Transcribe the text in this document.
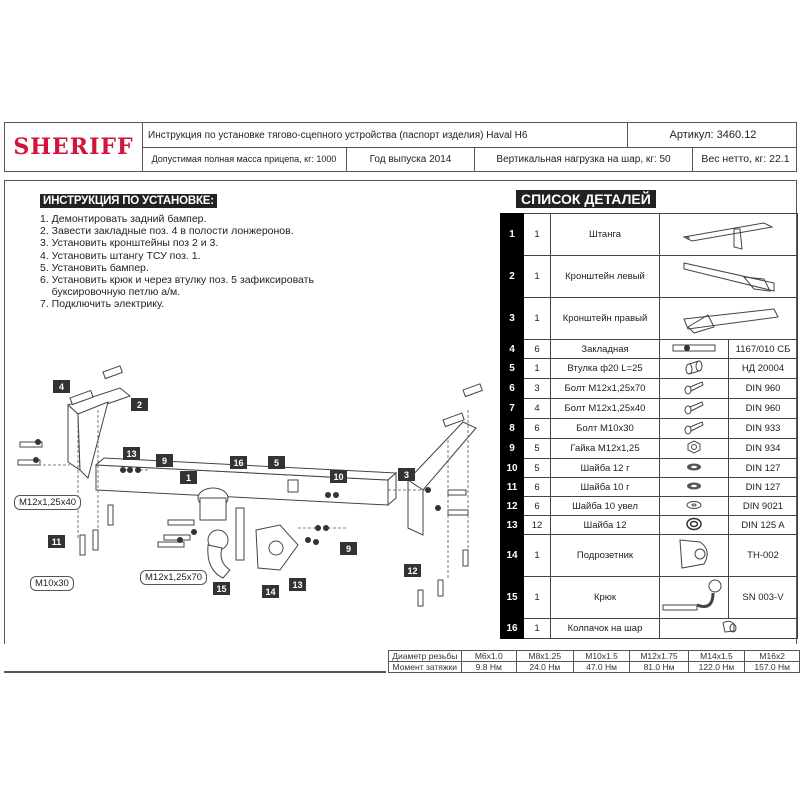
SHERIFF	Инструкция по установке тягово-сцепного устройства (паспорт изделия) Haval H6	Артикул: 3460.12
Допустимая полная масса прицепа, кг: 1000	Год выпуска 2014	Вертикальная нагрузка на шар, кг: 50	Вес нетто, кг: 22.1
ИНСТРУКЦИЯ ПО УСТАНОВКЕ:
1. Демонтировать задний бампер.
2. Завести закладные поз. 4 в полости лонжеронов.
3. Установить кронштейны поз 2 и 3.
4. Установить штангу ТСУ поз. 1.
5. Установить бампер.
6. Установить крюк и через втулку поз. 5 зафиксировать
буксировочную петлю а/м.
7. Подключить электрику.
4
2
13
9
1
16	5
3
10
11
12
9
13
14
15
M12x1,25x40
M10x30
M12x1,25x70
СПИСОК ДЕТАЛЕЙ
1	1	Штанга	
2	1	Кронштейн левый	
3	1	Кронштейн правый	
4	6	Закладная		1167/010 СБ
5	1	Втулка ф20 L=25		НД 20004
6	3	Болт M12x1,25x70		DIN 960
7	4	Болт M12x1,25x40		DIN 960
8	6	Болт M10x30		DIN 933
9	5	Гайка M12x1,25		DIN 934
10	5	Шайба 12 г		DIN 127
11	6	Шайба 10 г		DIN 127
12	6	Шайба 10 увел		DIN 9021
13	12	Шайба 12		DIN 125 A
14	1	Подрозетник		TH-002
15	1	Крюк		SN 003-V
16	1	Колпачок на шар	
Диаметр резьбы	M6x1.0	M8x1.25	M10x1.5	M12x1.75	M14x1.5	M16x2
Момент затяжки	9.8 Нм	24.0 Нм	47.0 Нм	81.0 Нм	122.0 Нм	157.0 Нм
